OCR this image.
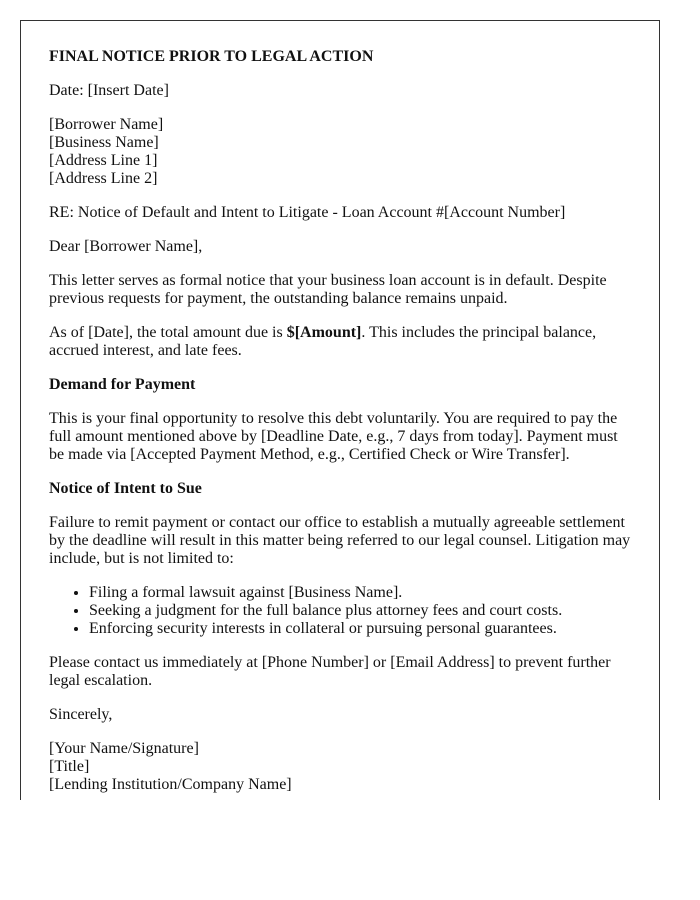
FINAL NOTICE PRIOR TO LEGAL ACTION

Date: [Insert Date]

[Borrower Name]
[Business Name]
[Address Line 1]
[Address Line 2]

RE: Notice of Default and Intent to Litigate - Loan Account #[Account Number]

Dear [Borrower Name],

This letter serves as formal notice that your business loan account is in default. Despite previous requests for payment, the outstanding balance remains unpaid.

As of [Date], the total amount due is $[Amount]. This includes the principal balance, accrued interest, and late fees.

Demand for Payment

This is your final opportunity to resolve this debt voluntarily. You are required to pay the full amount mentioned above by [Deadline Date, e.g., 7 days from today]. Payment must be made via [Accepted Payment Method, e.g., Certified Check or Wire Transfer].

Notice of Intent to Sue

Failure to remit payment or contact our office to establish a mutually agreeable settlement by the deadline will result in this matter being referred to our legal counsel. Litigation may include, but is not limited to:

• Filing a formal lawsuit against [Business Name].
• Seeking a judgment for the full balance plus attorney fees and court costs.
• Enforcing security interests in collateral or pursuing personal guarantees.

Please contact us immediately at [Phone Number] or [Email Address] to prevent further legal escalation.

Sincerely,

[Your Name/Signature]
[Title]
[Lending Institution/Company Name]
